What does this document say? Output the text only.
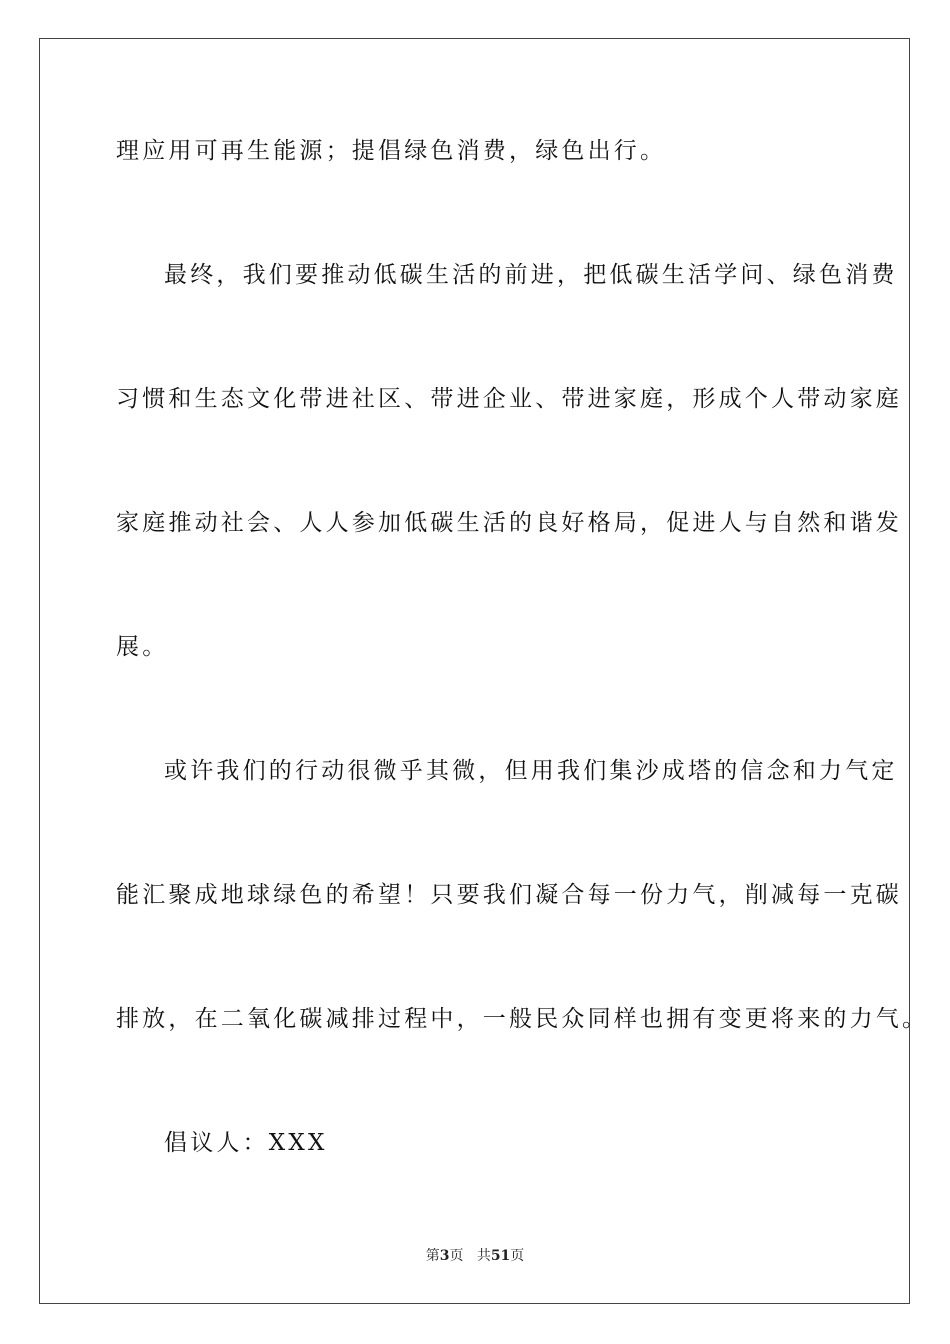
理应用可再生能源；提倡绿色消费，绿色出行。
最终，我们要推动低碳生活的前进，把低碳生活学问、绿色消费
习惯和生态文化带进社区、带进企业、带进家庭，形成个人带动家庭
家庭推动社会、人人参加低碳生活的良好格局，促进人与自然和谐发
展。
或许我们的行动很微乎其微，但用我们集沙成塔的信念和力气定
能汇聚成地球绿色的希望！只要我们凝合每一份力气，削减每一克碳
排放，在二氧化碳减排过程中，一般民众同样也拥有变更将来的力气。
倡议人：XXX
第3页 共51页
